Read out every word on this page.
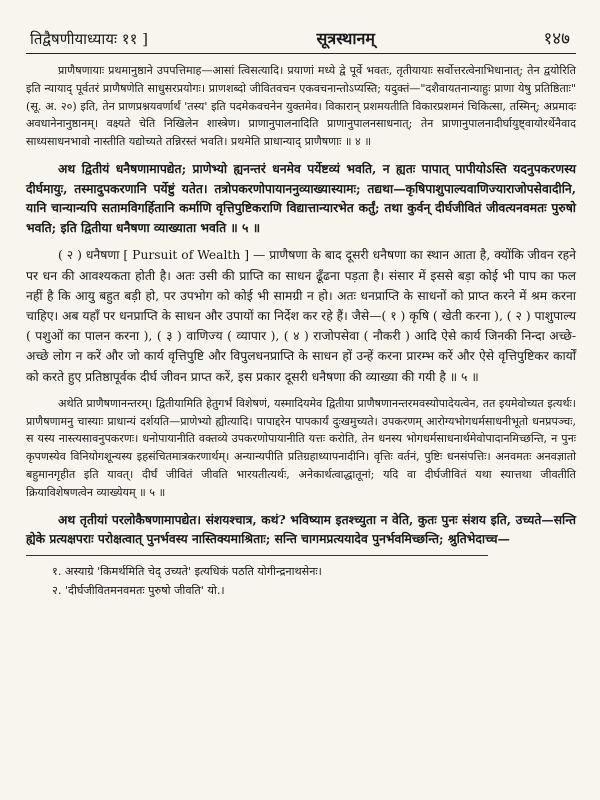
तिद्वैषणीयाध्यायः ११ ]	सूत्रस्थानम्	१४७

प्राणैषणायाः प्रथमानुष्ठाने उपपत्तिमाह—आसां त्विसत्यादि। प्रयाणां मध्ये द्वे पूर्वे भवतः, तृतीयायाः सर्वोत्तरत्वेनाभिधानात्; तेन द्वयोरिति इति न्यायाद् पूर्वतरं प्राणैषणेति साधुसरप्रयोगः। प्राणशब्दो जीवितवचन एकवचनान्तोऽप्यस्ति; यदुक्तं—"दशैवायतनान्याहुः प्राणा येषु प्रतिष्ठिताः" (सू. अ. २०) इति, तेन प्राणप्रश्नयवर्णार्थं 'तस्य' इति पदमेकवचनेन युक्तमेव। विकारान् प्रशमयतीति विकारप्रशमनं चिकित्सा, तस्मिन्; अप्रमादः अवधानेनानुष्ठानम्। वक्ष्यते चेति निखिलेन शास्त्रेण। प्राणानुपालनादिति प्राणानुपालनसाधनात्; तेन प्राणानुपालनादीर्घायुष्ट्वायोरर्थेनैवाद साध्यसाधनभावो नास्तीति यद्योच्यते तन्निरस्तं भवति। प्रथमेति प्राधान्याद् प्राणैषणाः ॥ ४ ॥

अथ द्वितीयं धनैषणामापद्येत; प्राणेभ्यो ह्यनन्तरं धनमेव पर्येष्टव्यं भवति, न ह्यतः पापात् पापीयोऽस्ति यदनुपकरणस्य दीर्घमायुः, तस्मादुपकरणानि पर्येष्टुं यतेत। तत्रोपकरणोपायाननुव्याख्यास्यामः; तद्यथा—कृषिपाशुपाल्यवाणिज्याराजोपसेवादीनि, यानि चान्यान्यपि सतामविगर्हितानि कर्माणि वृत्तिपुष्टिकराणि विद्यात्तान्यारभेत कर्तुं; तथा कुर्वन् दीर्घजीवितं जीवत्यनवमतः पुरुषो भवति; इति द्वितीया धनैषणा व्याख्याता भवति ॥ ५ ॥

( २ ) धनैषणा [ Pursuit of Wealth ] — प्राणैषणा के बाद दूसरी धनैषणा का स्थान आता है, क्योंकि जीवन रहने पर धन की आवश्यकता होती है। अतः उसी की प्राप्ति का साधन ढूँढना पड़ता है। संसार में इससे बड़ा कोई भी पाप का फल नहीं है कि आयु बहुत बड़ी हो, पर उपभोग को कोई भी सामग्री न हो। अतः धनप्राप्ति के साधनों को प्राप्त करने में श्रम करना चाहिए। अब यहाँ पर धनप्राप्ति के साधन और उपायों का निर्देश कर रहे हैं। जैसे—( १ ) कृषि ( खेती करना ), ( २ ) पाशुपाल्य ( पशुओं का पालन करना ), ( ३ ) वाणिज्य ( व्यापार ), ( ४ ) राजोपसेवा ( नौकरी ) आदि ऐसे कार्य जिनकी निन्दा अच्छे-अच्छे लोग न करें और जो कार्य वृत्तिपुष्टि और विपुलधनप्राप्ति के साधन हों उन्हें करना प्रारम्भ करें और ऐसे वृत्तिपुष्टिकर कार्यों को करते हुए प्रतिष्ठापूर्वक दीर्घ जीवन प्राप्त करें, इस प्रकार दूसरी धनैषणा की व्याख्या की गयी है ॥ ५ ॥

अथेति प्राणैषणानन्तरम्। द्वितीयामिति हेतुगर्भं विशेषणं, यस्मादियमेव द्वितीया प्राणैषणानन्तरमवस्योपादेयत्वेन, तत इयमेवोच्यत इत्यर्थः। प्राणैषणामनु चास्याः प्राधान्यं दर्शयति—प्राणेभ्यो ह्यीत्यादि। पापाद्दरेन पापकार्यं दुःखमुच्यते। उपकरणम् आरोग्यभोगधर्मसाधनीभूतो धनप्रपञ्चः, स यस्य नास्त्यसावनुपकरणः। धनोपायानीति वक्तव्ये उपकरणोपायानीति यत्तः करोति, तेन धनस्य भोगधर्मसाधनार्थमेवोपादानमिच्छन्ति, न पुनः कृपणस्येव विनियोगशून्यस्य इहसंचितमात्रकरणार्थम्। अन्यान्यपीति प्रतिग्रहाध्यापनादीनि। वृत्तिः वर्तनं, पुष्टिः धनसंपत्तिः। अनवमतः अनवज्ञातो बहुमानगृहीत इति यावत्। दीर्घं जीवितं जीवति भारयतीत्यर्थः, अनेकार्थत्वाद्धातूनां; यदि वा दीर्घजीवितं यथा स्यात्तथा जीवतीति क्रियाविशेषणत्वेन व्याख्येयम् ॥ ५ ॥

अथ तृतीयां परलोकैषणामापद्येत। संशयश्चात्र, कथं? भविष्याम इतश्च्युता न वेति, कुतः पुनः संशय इति, उच्यते—सन्ति ह्येके प्रत्यक्षपराः परोक्षत्वात् पुनर्भवस्य नास्तिक्यमाश्रिताः; सन्ति चागमप्रत्ययादेव पुनर्भवमिच्छन्ति; श्रुतिभेदाच्च—

१. अस्याग्रे 'किमर्थमिति चेद् उच्यते' इत्यधिकं पठति योगीन्द्रनाथसेनः।
२. 'दीर्घजीवितमनवमतः पुरुषो जीवति' यो.।
